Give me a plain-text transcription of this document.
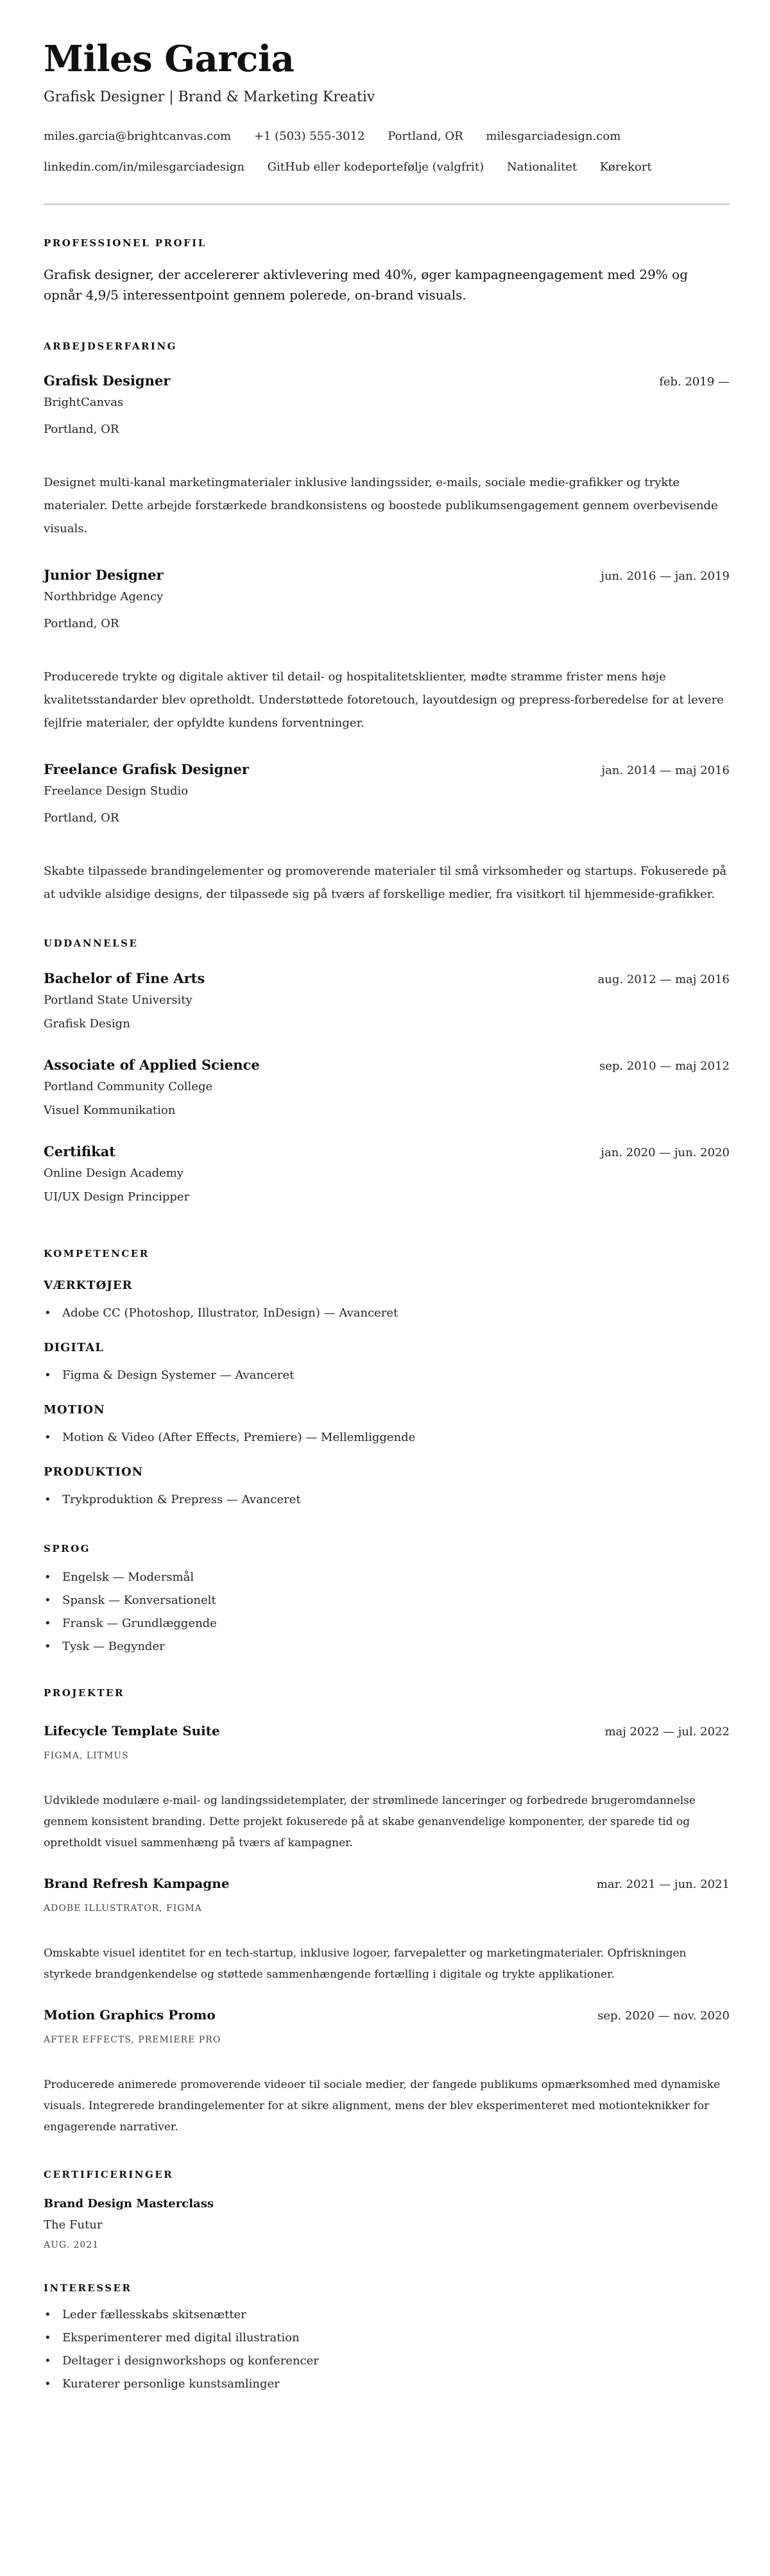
Miles Garcia
Grafisk Designer | Brand & Marketing Kreativ
miles.garcia@brightcanvas.com +1 (503) 555-3012 Portland, OR milesgarciadesign.com linkedin.com/in/milesgarciadesign GitHub eller kodeportefølje (valgfrit) Nationalitet Kørekort
PROFESSIONEL PROFIL

Grafisk designer, der accelererer aktivlevering med 40%, øger kampagneengagement med 29% og opnår 4,9/5 interessentpoint gennem polerede, on-brand visuals.

ARBEJDSERFARING
Grafisk Designer	feb. 2019 —
BrightCanvas
Portland, OR

Designet multi-kanal marketingmaterialer inklusive landingssider, e-mails, sociale medie-grafikker og trykte materialer. Dette arbejde forstærkede brandkonsistens og boostede publikumsengagement gennem overbevisende visuals.

Junior Designer	jun. 2016 — jan. 2019
Northbridge Agency
Portland, OR

Producerede trykte og digitale aktiver til detail- og hospitalitetsklienter, mødte stramme frister mens høje kvalitetsstandarder blev opretholdt. Understøttede fotoretouch, layoutdesign og prepress-forberedelse for at levere fejlfrie materialer, der opfyldte kundens forventninger.

Freelance Grafisk Designer	jan. 2014 — maj 2016
Freelance Design Studio
Portland, OR

Skabte tilpassede brandingelementer og promoverende materialer til små virksomheder og startups. Fokuserede på at udvikle alsidige designs, der tilpassede sig på tværs af forskellige medier, fra visitkort til hjemmeside-grafikker.

UDDANNELSE
Bachelor of Fine Arts	aug. 2012 — maj 2016
Portland State University
Grafisk Design
Associate of Applied Science	sep. 2010 — maj 2012
Portland Community College
Visuel Kommunikation
Certifikat	jan. 2020 — jun. 2020
Online Design Academy
UI/UX Design Principper
KOMPETENCER
VÆRKTØJER
• Adobe CC (Photoshop, Illustrator, InDesign) — Avanceret
DIGITAL
• Figma & Design Systemer — Avanceret
MOTION
• Motion & Video (After Effects, Premiere) — Mellemliggende
PRODUKTION
• Trykproduktion & Prepress — Avanceret
SPROG
• Engelsk — Modersmål
• Spansk — Konversationelt
• Fransk — Grundlæggende
• Tysk — Begynder
PROJEKTER
Lifecycle Template Suite	maj 2022 — jul. 2022
FIGMA, LITMUS

Udviklede modulære e-mail- og landingssidetemplater, der strømlinede lanceringer og forbedrede brugeromdannelse gennem konsistent branding. Dette projekt fokuserede på at skabe genanvendelige komponenter, der sparede tid og opretholdt visuel sammenhæng på tværs af kampagner.

Brand Refresh Kampagne	mar. 2021 — jun. 2021
ADOBE ILLUSTRATOR, FIGMA

Omskabte visuel identitet for en tech-startup, inklusive logoer, farvepaletter og marketingmaterialer. Opfriskningen styrkede brandgenkendelse og støttede sammenhængende fortælling i digitale og trykte applikationer.

Motion Graphics Promo	sep. 2020 — nov. 2020
AFTER EFFECTS, PREMIERE PRO

Producerede animerede promoverende videoer til sociale medier, der fangede publikums opmærksomhed med dynamiske visuals. Integrerede brandingelementer for at sikre alignment, mens der blev eksperimenteret med motionteknikker for engagerende narrativer.

CERTIFICERINGER
Brand Design Masterclass
The Futur
AUG. 2021
INTERESSER
• Leder fællesskabs skitsenætter
• Eksperimenterer med digital illustration
• Deltager i designworkshops og konferencer
• Kuraterer personlige kunstsamlinger
